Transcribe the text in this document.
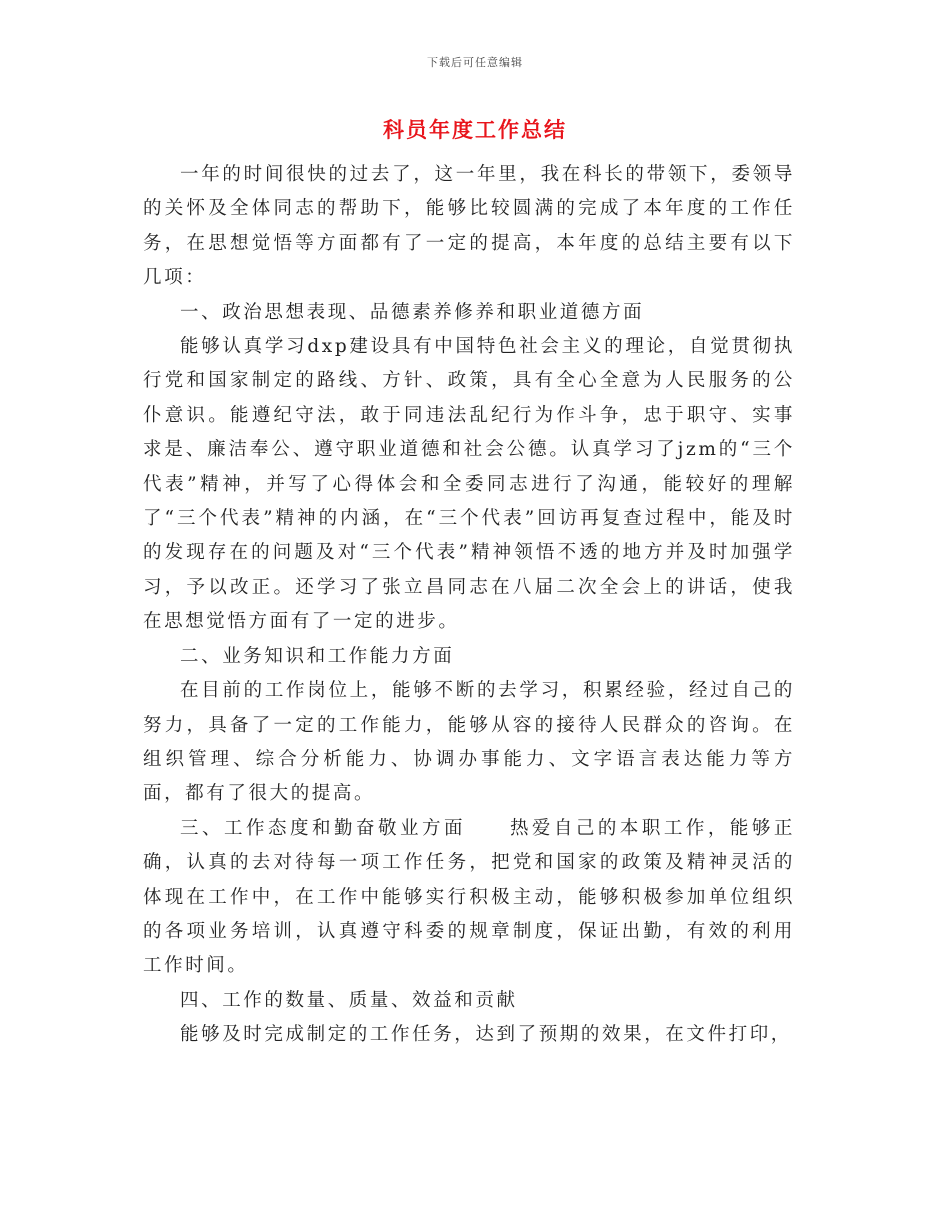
下载后可任意编辑
科员年度工作总结

一年的时间很快的过去了，这一年里，我在科长的带领下，委领导的关怀及全体同志的帮助下，能够比较圆满的完成了本年度的工作任务，在思想觉悟等方面都有了一定的提高，本年度的总结主要有以下几项：

一、政治思想表现、品德素养修养和职业道德方面

能够认真学习dxp建设具有中国特色社会主义的理论，自觉贯彻执行党和国家制定的路线、方针、政策，具有全心全意为人民服务的公仆意识。能遵纪守法，敢于同违法乱纪行为作斗争，忠于职守、实事求是、廉洁奉公、遵守职业道德和社会公德。认真学习了jzm的“三个代表”精神，并写了心得体会和全委同志进行了沟通，能较好的理解了“三个代表”精神的内涵，在“三个代表”回访再复查过程中，能及时的发现存在的问题及对“三个代表”精神领悟不透的地方并及时加强学习，予以改正。还学习了张立昌同志在八届二次全会上的讲话，使我在思想觉悟方面有了一定的进步。

二、业务知识和工作能力方面

在目前的工作岗位上，能够不断的去学习，积累经验，经过自己的努力，具备了一定的工作能力，能够从容的接待人民群众的咨询。在组织管理、综合分析能力、协调办事能力、文字语言表达能力等方面，都有了很大的提高。

三、工作态度和勤奋敬业方面　　热爱自己的本职工作，能够正确，认真的去对待每一项工作任务，把党和国家的政策及精神灵活的体现在工作中，在工作中能够实行积极主动，能够积极参加单位组织的各项业务培训，认真遵守科委的规章制度，保证出勤，有效的利用工作时间。

四、工作的数量、质量、效益和贡献

能够及时完成制定的工作任务，达到了预期的效果，在文件打印，
